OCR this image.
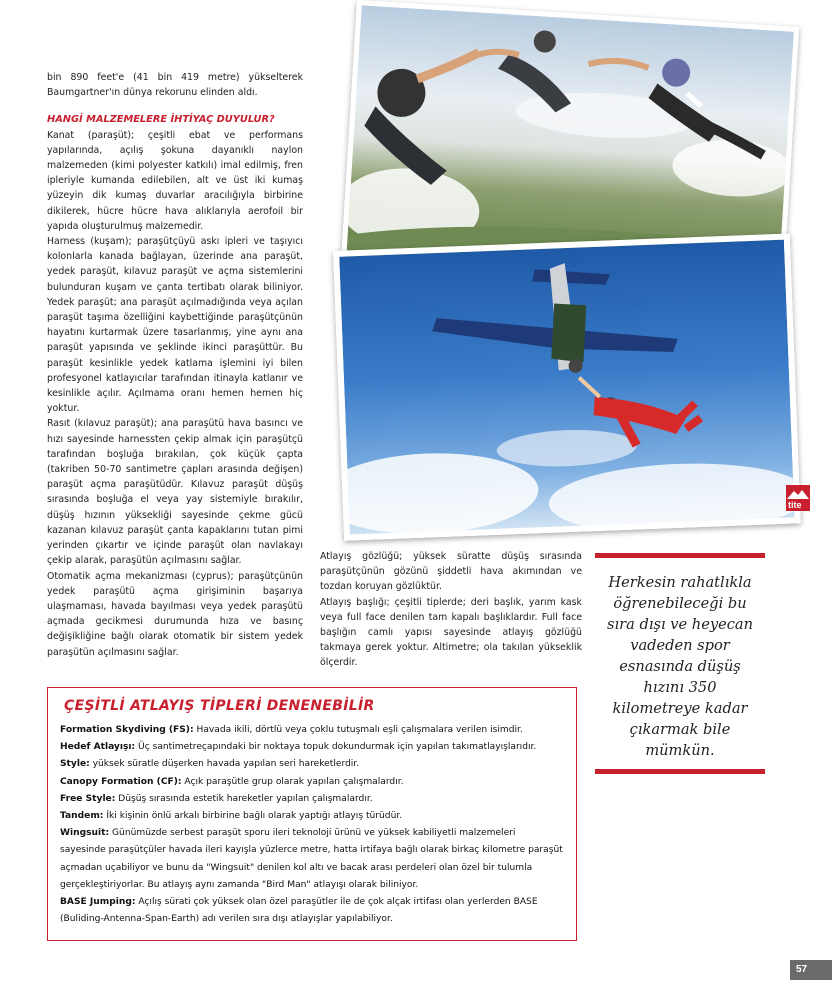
bin 890 feet'e (41 bin 419 metre) yükselterek Baumgartner'ın dünya rekorunu elinden aldı.

HANGİ MALZEMELERE İHTİYAÇ DUYULUR?

Kanat (paraşüt); çeşitli ebat ve performans yapılarında, açılış şokuna dayanıklı naylon malzemeden (kimi polyester katkılı) imal edilmiş, fren ipleriyle kumanda edilebilen, alt ve üst iki kumaş yüzeyin dik kumaş duvarlar aracılığıyla birbirine dikilerek, hücre hücre hava alıklarıyla aerofoil bir yapıda oluşturulmuş malzemedir.

Harness (kuşam); paraşütçüyü askı ipleri ve taşıyıcı kolonlarla kanada bağlayan, üzerinde ana paraşüt, yedek paraşüt, kılavuz paraşüt ve açma sistemlerini bulunduran kuşam ve çanta tertibatı olarak biliniyor. Yedek paraşüt; ana paraşüt açılmadığında veya açılan paraşüt taşıma özelliğini kaybettiğinde paraşütçünün hayatını kurtarmak üzere tasarlanmış, yine aynı ana paraşüt yapısında ve şeklinde ikinci paraşüttür. Bu paraşüt kesinlikle yedek katlama işlemini iyi bilen profesyonel katlayıcılar tarafından itinayla katlanır ve kesinlikle açılır. Açılmama oranı hemen hemen hiç yoktur.

Rasıt (kılavuz paraşüt); ana paraşütü hava basıncı ve hızı sayesinde harnessten çekip almak için paraşütçü tarafından boşluğa bırakılan, çok küçük çapta (takriben 50-70 santimetre çapları arasında değişen) paraşüt açma paraşütüdür. Kılavuz paraşüt düşüş sırasında boşluğa el veya yay sistemiyle bırakılır, düşüş hızının yüksekliği sayesinde çekme gücü kazanan kılavuz paraşüt çanta kapaklarını tutan pimi yerinden çıkartır ve içinde paraşüt olan navlakayı çekip alarak, paraşütün açılmasını sağlar.

Otomatik açma mekanizması (cyprus); paraşütçünün yedek paraşütü açma girişiminin başarıya ulaşmaması, havada bayılması veya yedek paraşütü açmada gecikmesi durumunda hıza ve basınç değişikliğine bağlı olarak otomatik bir sistem yedek paraşütün açılmasını sağlar.

Atlayış gözlüğü; yüksek süratte düşüş sırasında paraşütçünün gözünü şiddetli hava akımından ve tozdan koruyan gözlüktür.

Atlayış başlığı; çeşitli tiplerde; deri başlık, yarım kask veya full face denilen tam kapalı başlıklardır. Full face başlığın camlı yapısı sayesinde atlayış gözlüğü takmaya gerek yoktur. Altimetre; ola takılan yükseklik ölçerdir.

Herkesin rahatlıkla öğrenebileceği bu sıra dışı ve heyecan vadeden spor esnasında düşüş hızını 350 kilometreye kadar çıkarmak bile mümkün.
tite
ÇEŞİTLİ ATLAYIŞ TİPLERİ DENENEBİLİR

Formation Skydiving (FS): Havada ikili, dörtlü veya çoklu tutuşmalı eşli çalışmalara verilen isimdir.

Hedef Atlayışı: Üç santimetreçapındaki bir noktaya topuk dokundurmak için yapılan takımatlayışlarıdır.

Style: yüksek süratle düşerken havada yapılan seri hareketlerdir.

Canopy Formation (CF): Açık paraşütle grup olarak yapılan çalışmalardır.

Free Style: Düşüş sırasında estetik hareketler yapılan çalışmalardır.

Tandem: İki kişinin önlü arkalı birbirine bağlı olarak yaptığı atlayış türüdür.

Wingsuit: Günümüzde serbest paraşüt sporu ileri teknoloji ürünü ve yüksek kabiliyetli malzemeleri sayesinde paraşütçüler havada ileri kayışla yüzlerce metre, hatta irtifaya bağlı olarak birkaç kilometre paraşüt açmadan uçabiliyor ve bunu da "Wingsuit" denilen kol altı ve bacak arası perdeleri olan özel bir tulumla gerçekleştiriyorlar. Bu atlayış aynı zamanda "Bird Man" atlayışı olarak biliniyor.

BASE Jumping: Açılış sürati çok yüksek olan özel paraşütler ile de çok alçak irtifası olan yerlerden BASE (Buliding-Antenna-Span-Earth) adı verilen sıra dışı atlayışlar yapılabiliyor.

57
